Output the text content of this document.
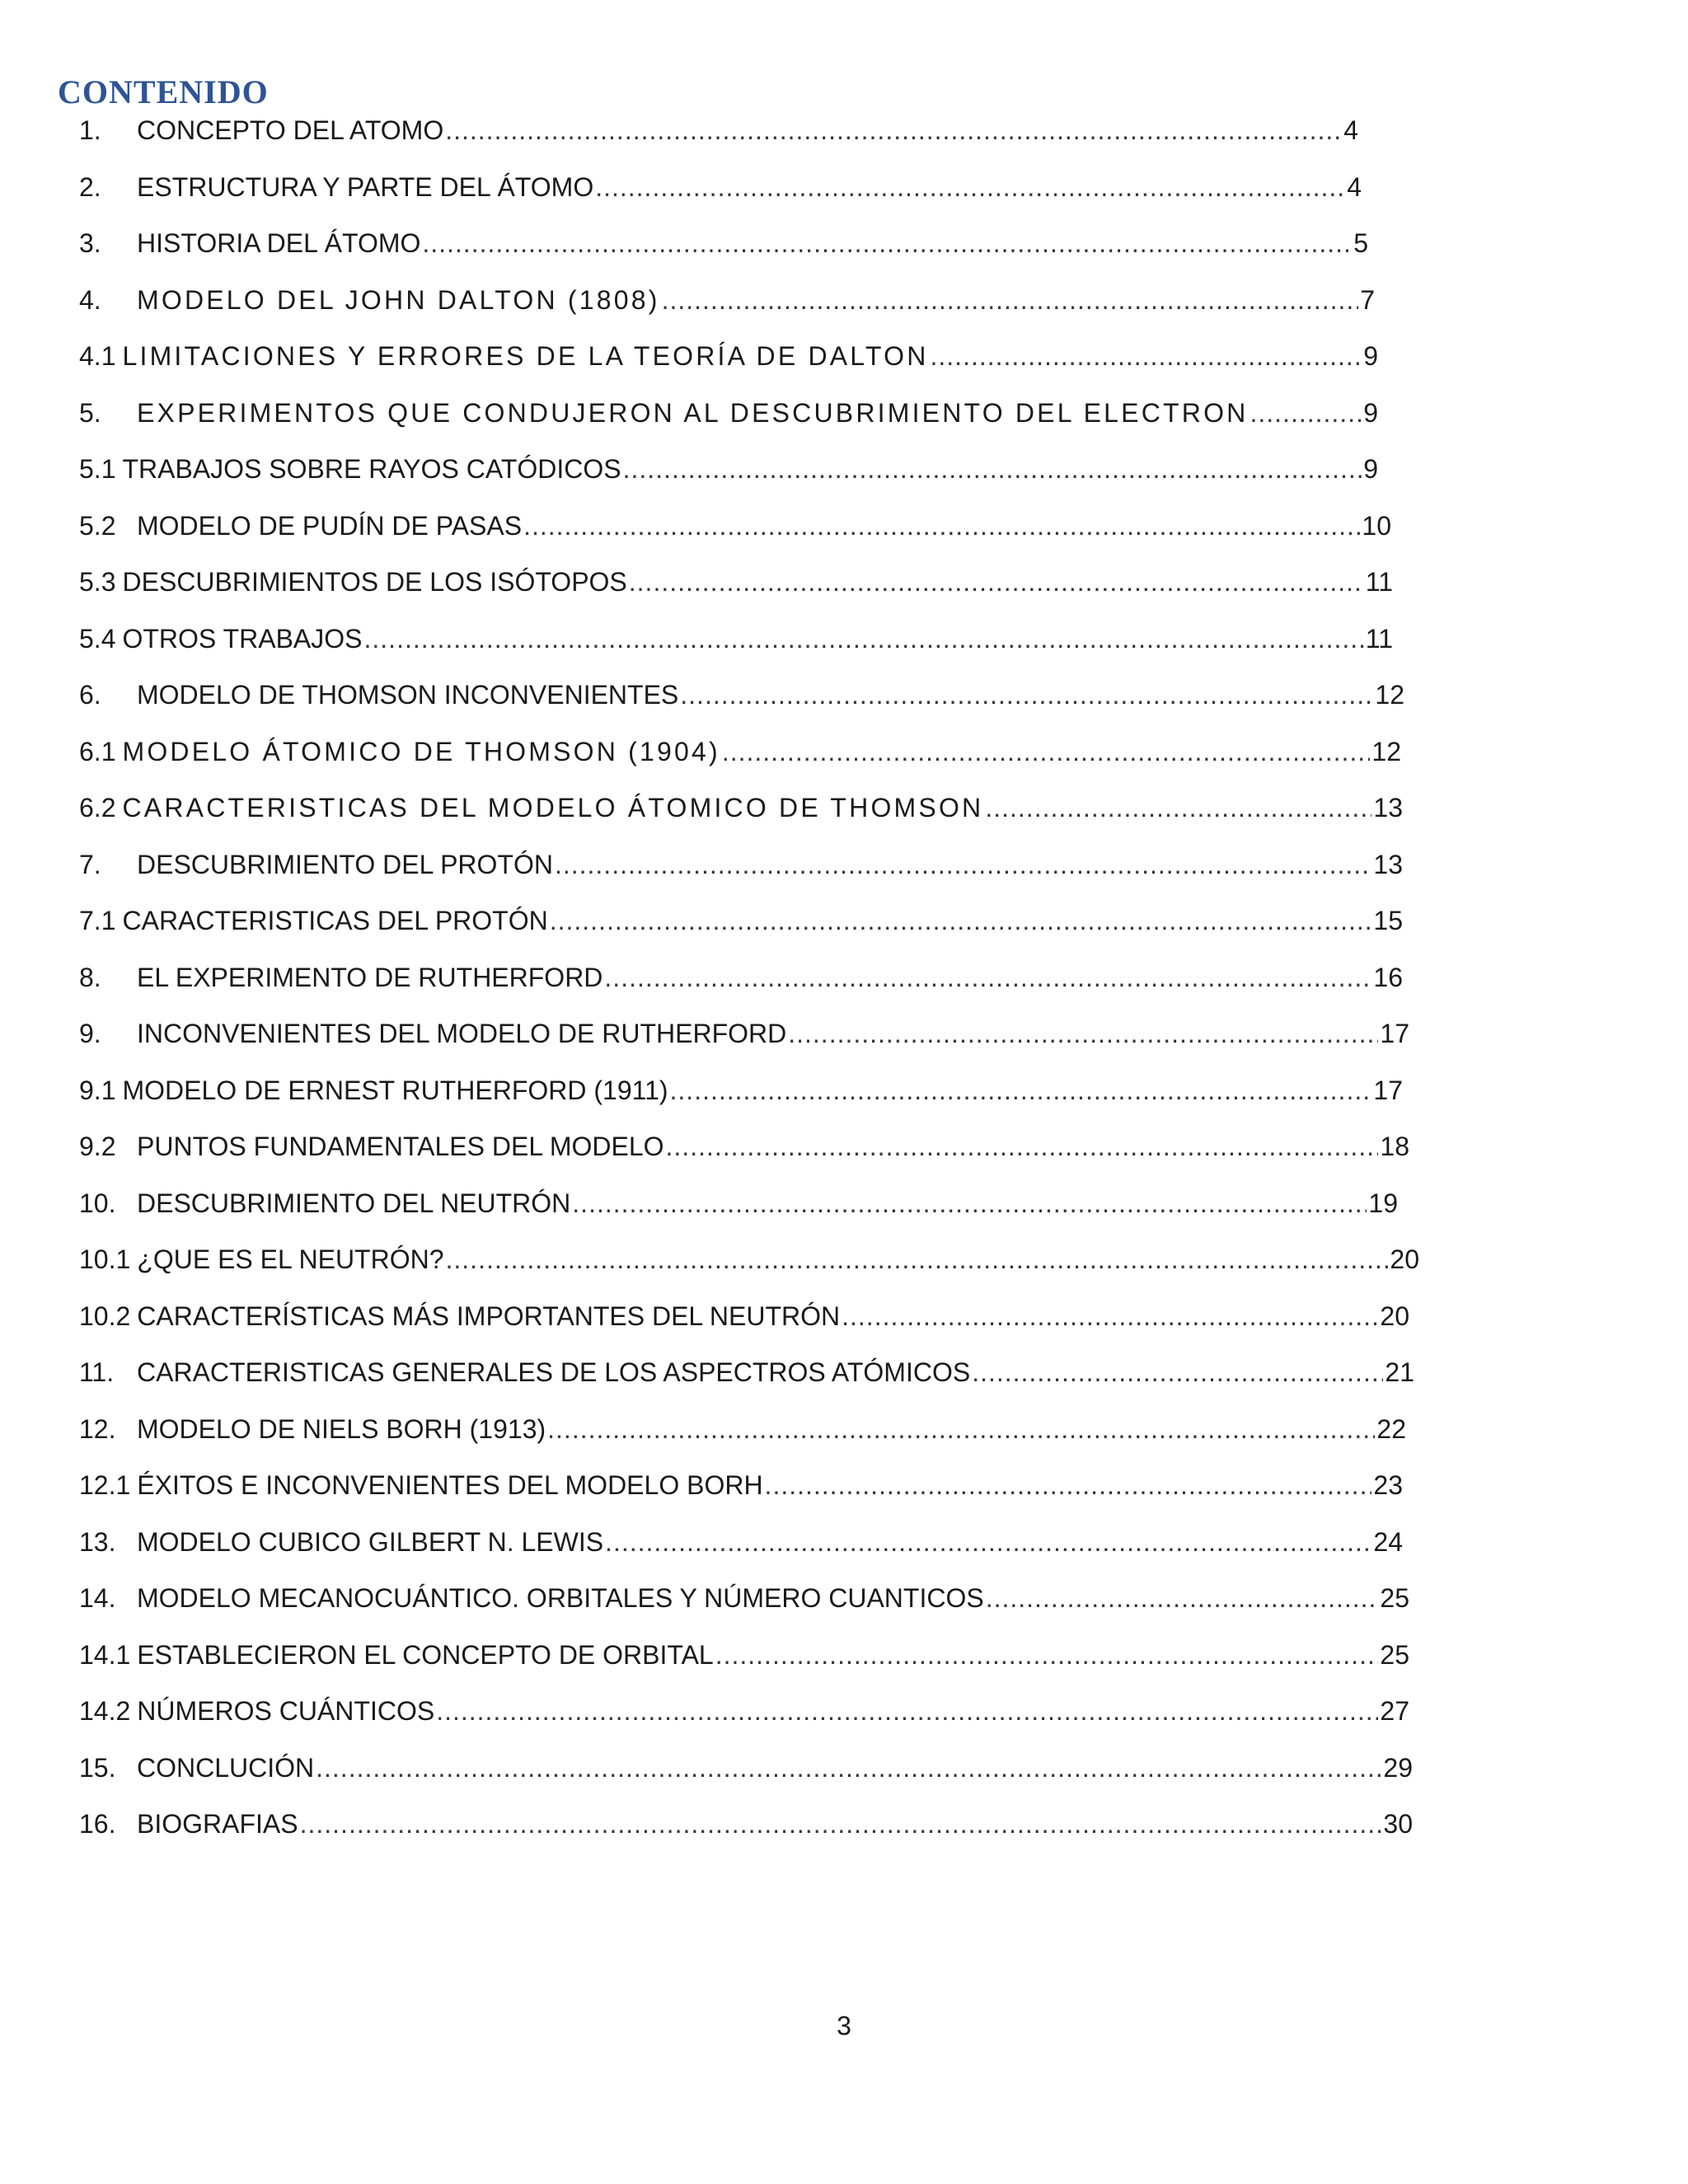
CONTENIDO
1.	CONCEPTO DEL ATOMO .....	4
2.	ESTRUCTURA Y PARTE DEL ÁTOMO .....	4
3.	HISTORIA DEL ÁTOMO .....	5
4.	MODELO DEL JOHN DALTON (1808) .....	7
4.1 LIMITACIONES Y ERRORES DE LA TEORÍA DE DALTON .....	9
5.	EXPERIMENTOS QUE CONDUJERON AL DESCUBRIMIENTO DEL ELECTRON .....	9
5.1 TRABAJOS SOBRE RAYOS CATÓDICOS .....	9
5.2 MODELO DE PUDÍN DE PASAS .....	10
5.3 DESCUBRIMIENTOS DE LOS ISÓTOPOS .....	11
5.4 OTROS TRABAJOS .....	11
6.	MODELO DE THOMSON INCONVENIENTES .....	12
6.1 MODELO ÁTOMICO DE THOMSON (1904) .....	12
6.2 CARACTERISTICAS DEL MODELO ÁTOMICO DE THOMSON .....	13
7.	DESCUBRIMIENTO DEL PROTÓN .....	13
7.1 CARACTERISTICAS DEL PROTÓN .....	15
8.	EL EXPERIMENTO DE RUTHERFORD .....	16
9.	INCONVENIENTES DEL MODELO DE RUTHERFORD .....	17
9.1 MODELO DE ERNEST RUTHERFORD (1911) .....	17
9.2 PUNTOS FUNDAMENTALES DEL MODELO .....	18
10. DESCUBRIMIENTO DEL NEUTRÓN .....	19
10.1 ¿QUE ES EL NEUTRÓN? .....	20
10.2 CARACTERÍSTICAS MÁS IMPORTANTES DEL NEUTRÓN .....	20
11. CARACTERISTICAS GENERALES DE LOS ASPECTROS ATÓMICOS .....	21
12. MODELO DE NIELS BORH (1913) .....	22
12.1 ÉXITOS E INCONVENIENTES DEL MODELO BORH .....	23
13. MODELO CUBICO GILBERT N. LEWIS .....	24
14. MODELO MECANOCUÁNTICO. ORBITALES Y NÚMERO CUANTICOS .....	25
14.1 ESTABLECIERON EL CONCEPTO DE ORBITAL .....	25
14.2 NÚMEROS CUÁNTICOS .....	27
15. CONCLUCIÓN .....	29
16. BIOGRAFIAS .....	30

3
